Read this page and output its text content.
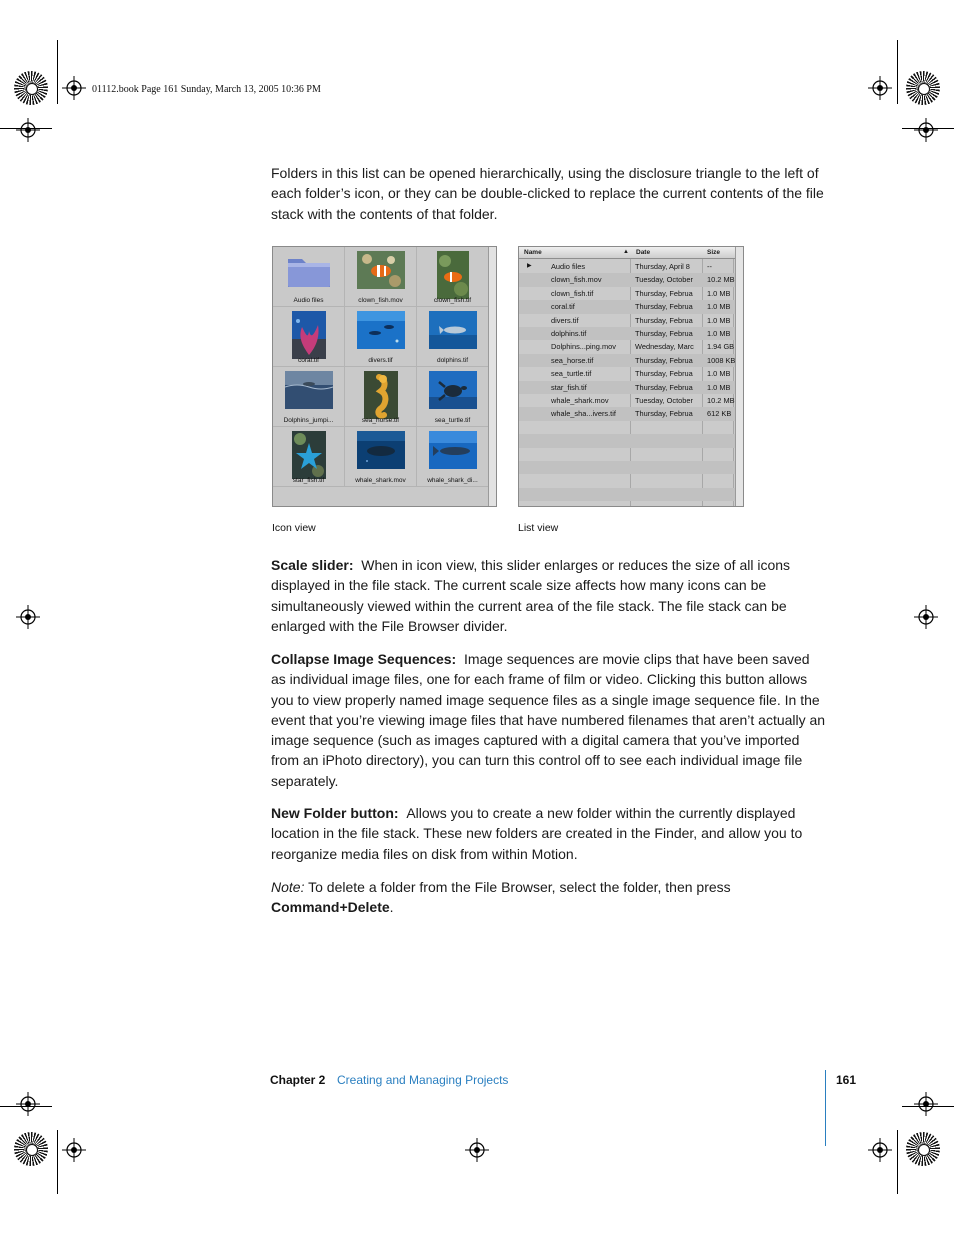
01112.book Page 161 Sunday, March 13, 2005 10:36 PM

Folders in this list can be opened hierarchically, using the disclosure triangle to the left of each folder’s icon, or they can be double-clicked to replace the current contents of the file stack with the contents of that folder.

Audio files	clown_fish.mov	clown_fish.tif
coral.tif	divers.tif	dolphins.tif
Dolphins_jumpi...	sea_horse.tif	sea_turtle.tif
star_fish.tif	whale_shark.mov	whale_shark_di...
▶	Audio files	Thursday, April 8	--
clown_fish.mov	Tuesday, October	10.2 MB
clown_fish.tif	Thursday, Februa	1.0 MB
coral.tif	Thursday, Februa	1.0 MB
divers.tif	Thursday, Februa	1.0 MB
dolphins.tif	Thursday, Februa	1.0 MB
Dolphins...ping.mov	Wednesday, Marc	1.94 GB
sea_horse.tif	Thursday, Februa	1008 KB
sea_turtle.tif	Thursday, Februa	1.0 MB
star_fish.tif	Thursday, Februa	1.0 MB
whale_shark.mov	Tuesday, October	10.2 MB
whale_sha...ivers.tif	Thursday, Februa	612 KB
Name	▲ Date	Size
Icon view	List view

Scale slider: When in icon view, this slider enlarges or reduces the size of all icons displayed in the file stack. The current scale size affects how many icons can be simultaneously viewed within the current area of the file stack. The file stack can be enlarged with the File Browser divider.

Collapse Image Sequences: Image sequences are movie clips that have been saved as individual image files, one for each frame of film or video. Clicking this button allows you to view properly named image sequence files as a single image sequence file. In the event that you’re viewing image files that have numbered filenames that aren’t actually an image sequence (such as images captured with a digital camera that you’ve imported from an iPhoto directory), you can turn this control off to see each individual image file separately.

New Folder button: Allows you to create a new folder within the currently displayed location in the file stack. These new folders are created in the Finder, and allow you to reorganize media files on disk from within Motion.

Note: To delete a folder from the File Browser, select the folder, then press
Command+Delete.

Chapter 2 Creating and Managing Projects	161
